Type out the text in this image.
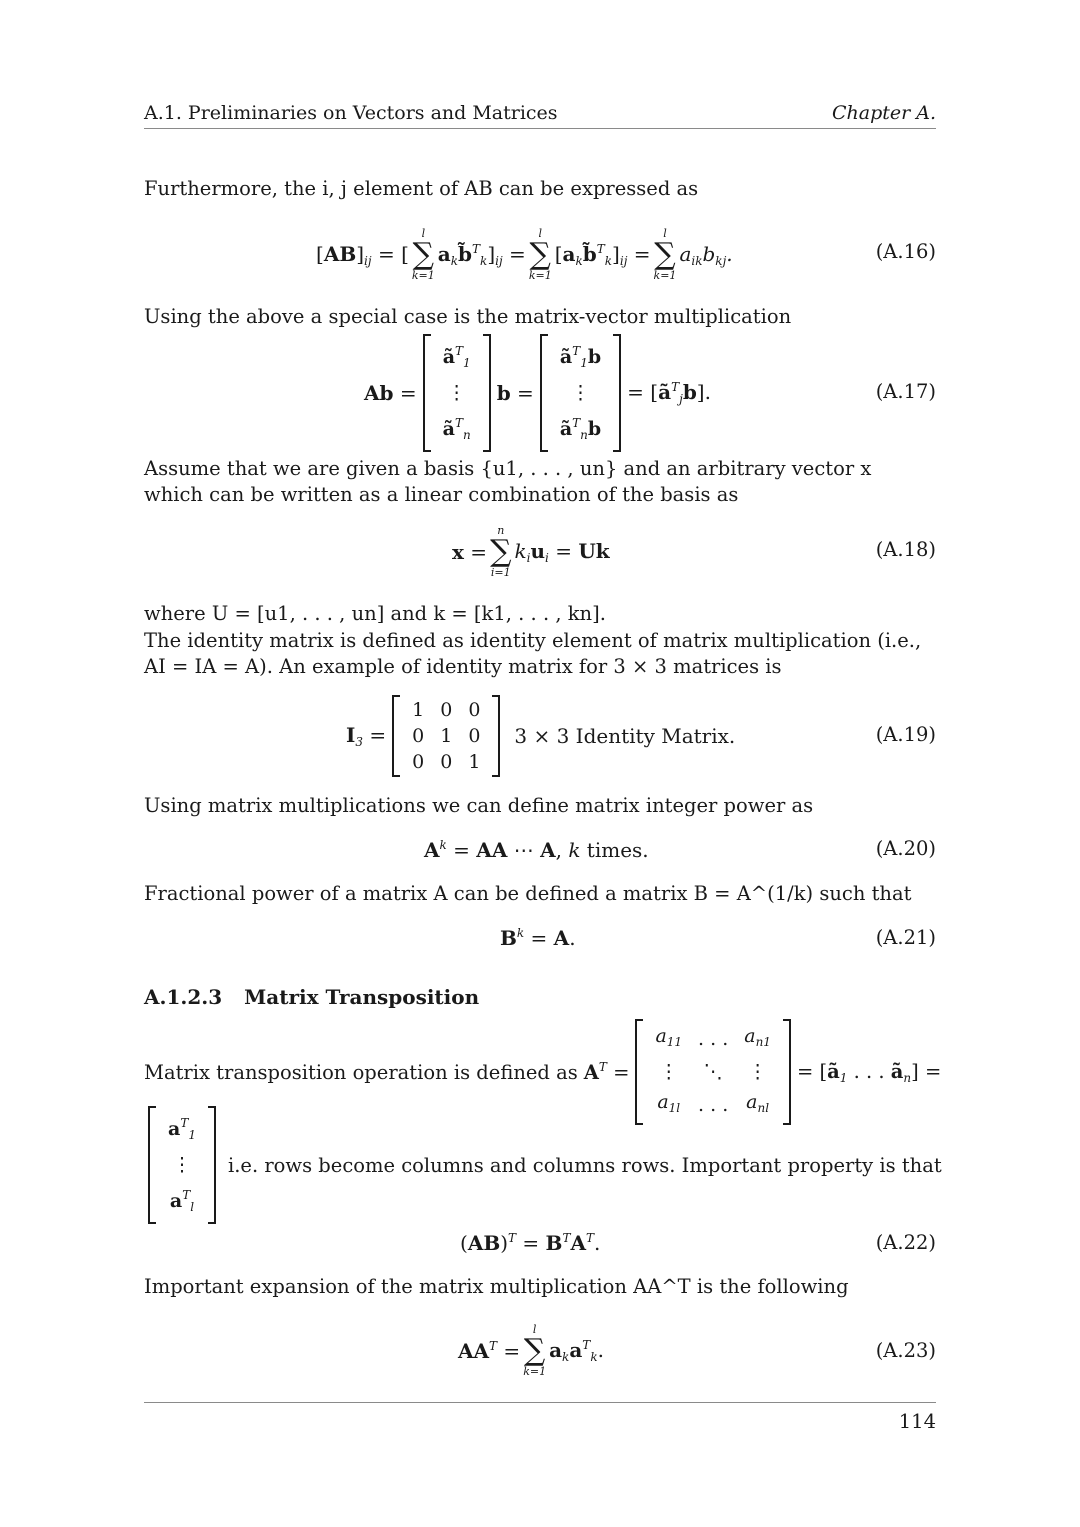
A.1. Preliminaries on Vectors and Matrices	Chapter A.
Furthermore, the i, j element of AB can be expressed as
$[AB]_{ij}$ = [
l
∑
k=1
$a_kb̃^T_k]_{ij}$ =
l
∑
k=1
$[a_kb̃^T_k]_{ij}$ =
l
∑
k=1
$a_{ik}b_{kj}$.	(A.16)
Using the above a special case is the matrix-vector multiplication
Ab =
$ã^T_1$
⋮
$ã^T_n$
b =
$ã^T_1b$
⋮
$ã^T_nb$
= $[ã^T_jb]$.	(A.17)
Assume that we are given a basis {u1, . . . , un} and an arbitrary vector x which can be written as a linear combination of the basis as
x =
n
∑
i=1
$k_iu_i = Uk$	(A.18)
where U = [u1, . . . , un] and k = [k1, . . . , kn].
The identity matrix is defined as identity element of matrix multiplication (i.e., AI = IA = A). An example of identity matrix for 3 × 3 matrices is
$I_3$ =
1 0 0
0 1 0
0 0 1
3 × 3 Identity Matrix.	(A.19)
Using matrix multiplications we can define matrix integer power as
$A^k$ = AA ⋯ A, k times.	(A.20)
Fractional power of a matrix A can be defined a matrix B = A^(1/k) such that
$B^k = A$.	(A.21)
A.1.2.3 Matrix Transposition
Matrix transposition operation is defined as $A^T$ =
$a_{11}$ . . . $a_{n1}$
⋮	⋱	⋮
$a_{1l}$ . . . $a_{nl}$
= [$ã_1$ . . . $ã_n$] =
$a^T_1$
⋮
$a^T_l$
i.e. rows become columns and columns rows. Important property is that
$(AB)^T = B^TA^T$.	(A.22)
Important expansion of the matrix multiplication AA^T is the following
$AA^T$ =
l
∑
k=1
$a_ka^T_k$.	(A.23)
114
